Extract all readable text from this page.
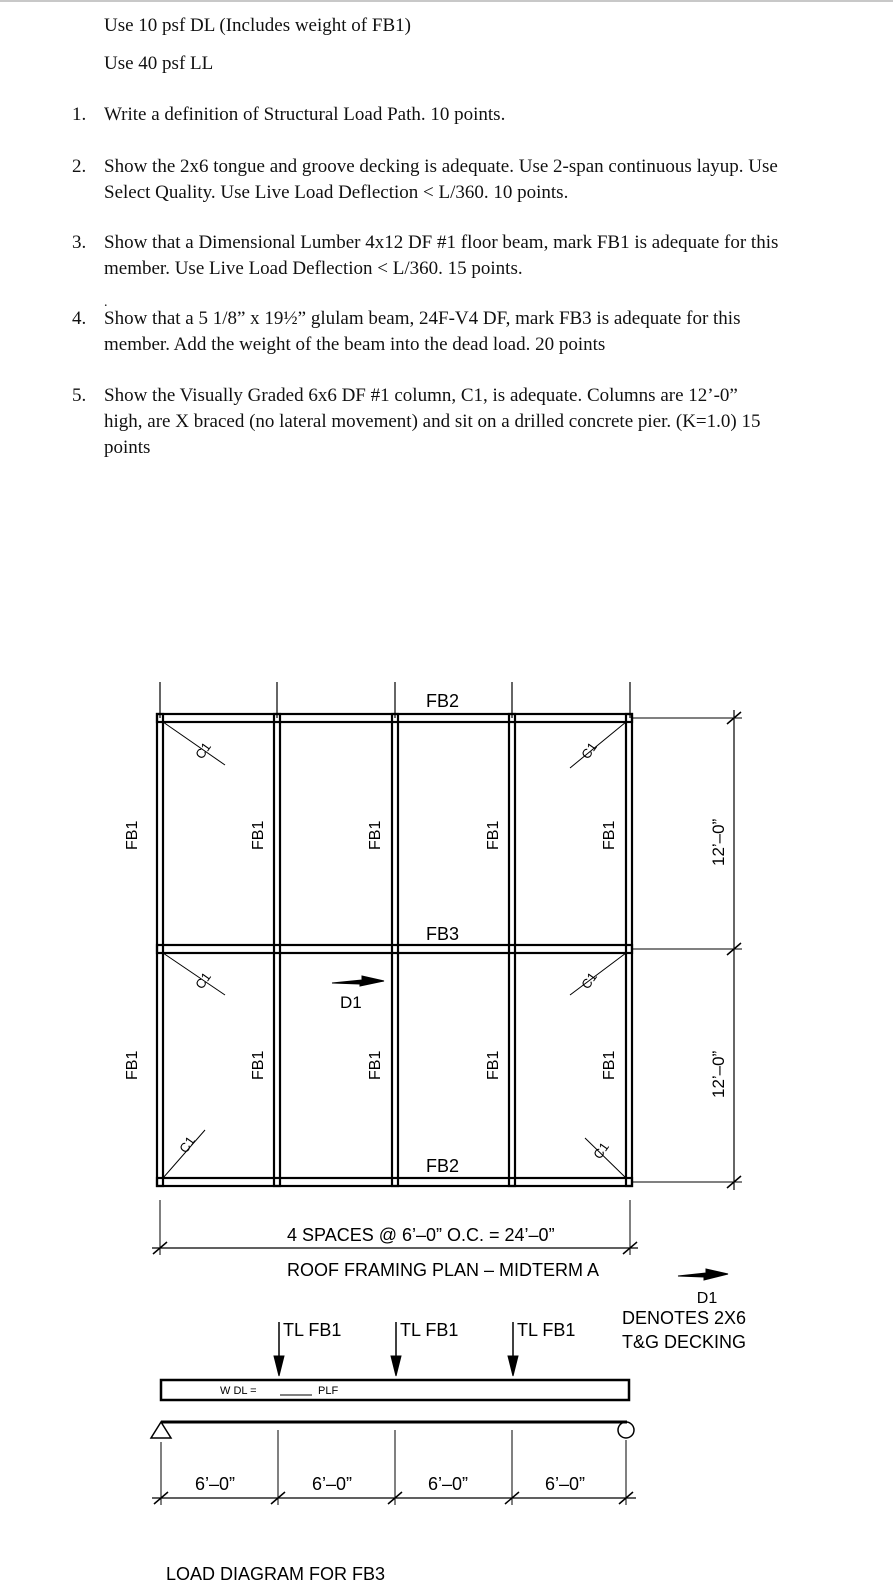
Use 10 psf DL (Includes weight of FB1)
Use 40 psf LL
1. Write a definition of Structural Load Path. 10 points.
2. Show the 2x6 tongue and groove decking is adequate. Use 2-span continuous layup. Use
Select Quality. Use Live Load Deflection < L/360. 10 points.
3. Show that a Dimensional Lumber 4x12 DF #1 floor beam, mark FB1 is adequate for this
member. Use Live Load Deflection < L/360. 15 points.
.
4. Show that a 5 1/8” x 19½” glulam beam, 24F-V4 DF, mark FB3 is adequate for this
member. Add the weight of the beam into the dead load. 20 points
5. Show the Visually Graded 6x6 DF #1 column, C1, is adequate. Columns are 12’-0”
high, are X braced (no lateral movement) and sit on a drilled concrete pier. (K=1.0) 15
points
FB2
FB3
FB2
FB1	FB1	FB1	FB1	FB1
FB1	FB1	FB1	FB1	FB1
C1	C1
C1	C1
C1	C1
D1
12’–0”
12’–0”
4 SPACES @ 6’–0” O.C. = 24’–0”
ROOF FRAMING PLAN – MIDTERM A
D1
DENOTES 2X6
T&G DECKING
TL FB1	TL FB1	TL FB1
W DL =	PLF
6’–0”	6’–0”	6’–0”	6’–0”
LOAD DIAGRAM FOR FB3
